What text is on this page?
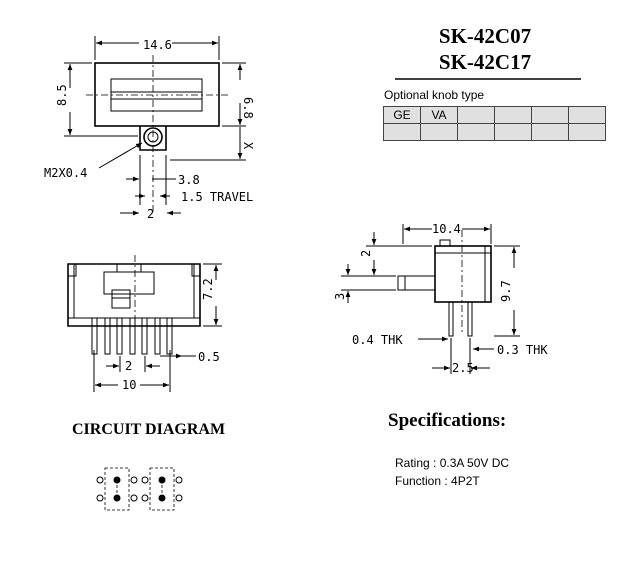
14.6
8.5
6.8
X
M2X0.4	3.8
1.5 TRAVEL
2
7.2
2
0.5
10
10.4
2
3	9.7
0.4 THK
0.3 THK
2.5
SK-42C07
SK-42C17
Optional knob type
GE	VA				

CIRCUIT DIAGRAM	Specifications:
Rating : 0.3A 50V DC
Function : 4P2T
